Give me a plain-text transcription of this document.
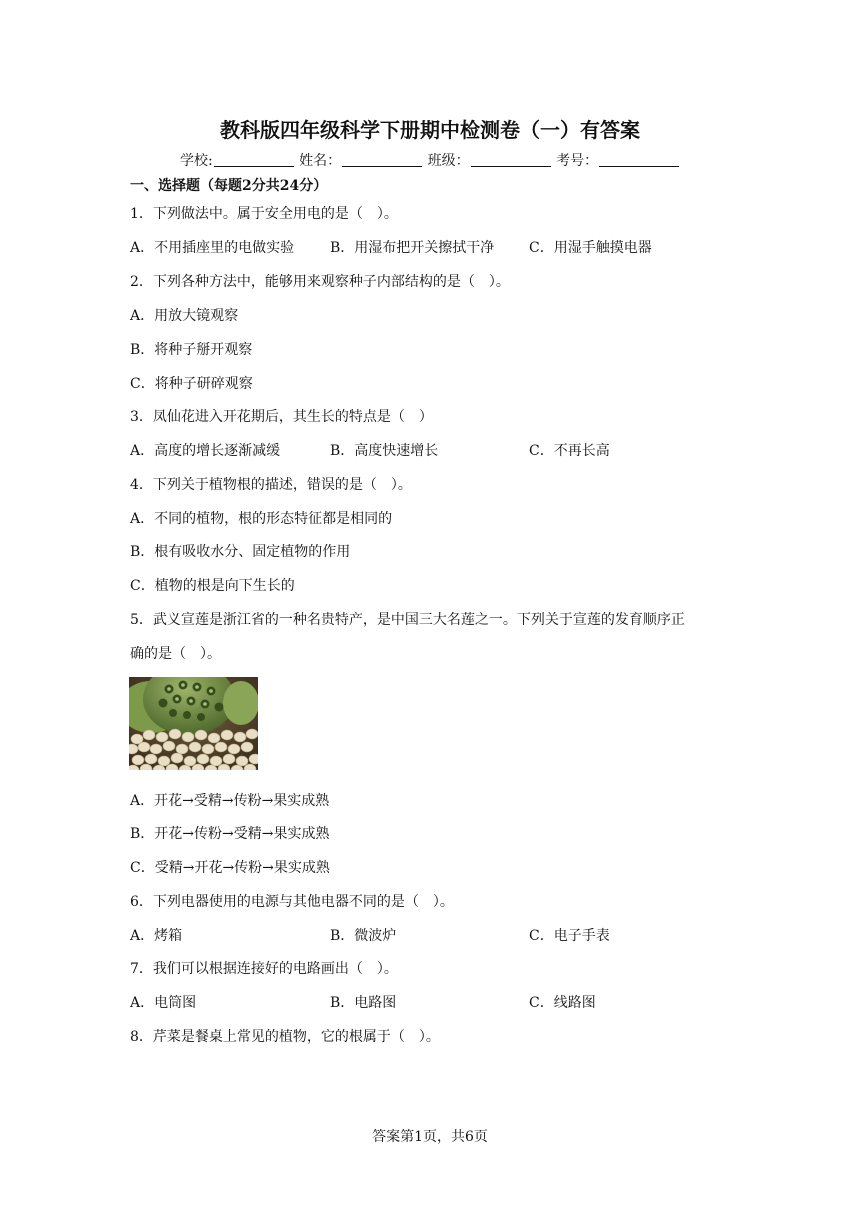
教科版四年级科学下册期中检测卷（一）有答案
学校:	姓名：	班级：	考号：
一、选择题（每题2分共24分）
1．下列做法中。属于安全用电的是（　）。
A．不用插座里的电做实验	B．用湿布把开关擦拭干净 C．用湿手触摸电器
2．下列各种方法中，能够用来观察种子内部结构的是（　）。
A．用放大镜观察
B．将种子掰开观察
C．将种子研碎观察
3．凤仙花进入开花期后，其生长的特点是（　）
A．高度的增长逐渐减缓	B．高度快速增长	C．不再长高
4．下列关于植物根的描述，错误的是（　）。
A．不同的植物，根的形态特征都是相同的
B．根有吸收水分、固定植物的作用
C．植物的根是向下生长的
5．武义宣莲是浙江省的一种名贵特产，是中国三大名莲之一。下列关于宣莲的发育顺序正
确的是（　）。
A．开花→受精→传粉→果实成熟
B．开花→传粉→受精→果实成熟
C．受精→开花→传粉→果实成熟
6．下列电器使用的电源与其他电器不同的是（　）。
A．烤箱	B．微波炉	C．电子手表
7．我们可以根据连接好的电路画出（　）。
A．电筒图	B．电路图	C．线路图
8．芹菜是餐桌上常见的植物，它的根属于（　）。
答案第1页，共6页
